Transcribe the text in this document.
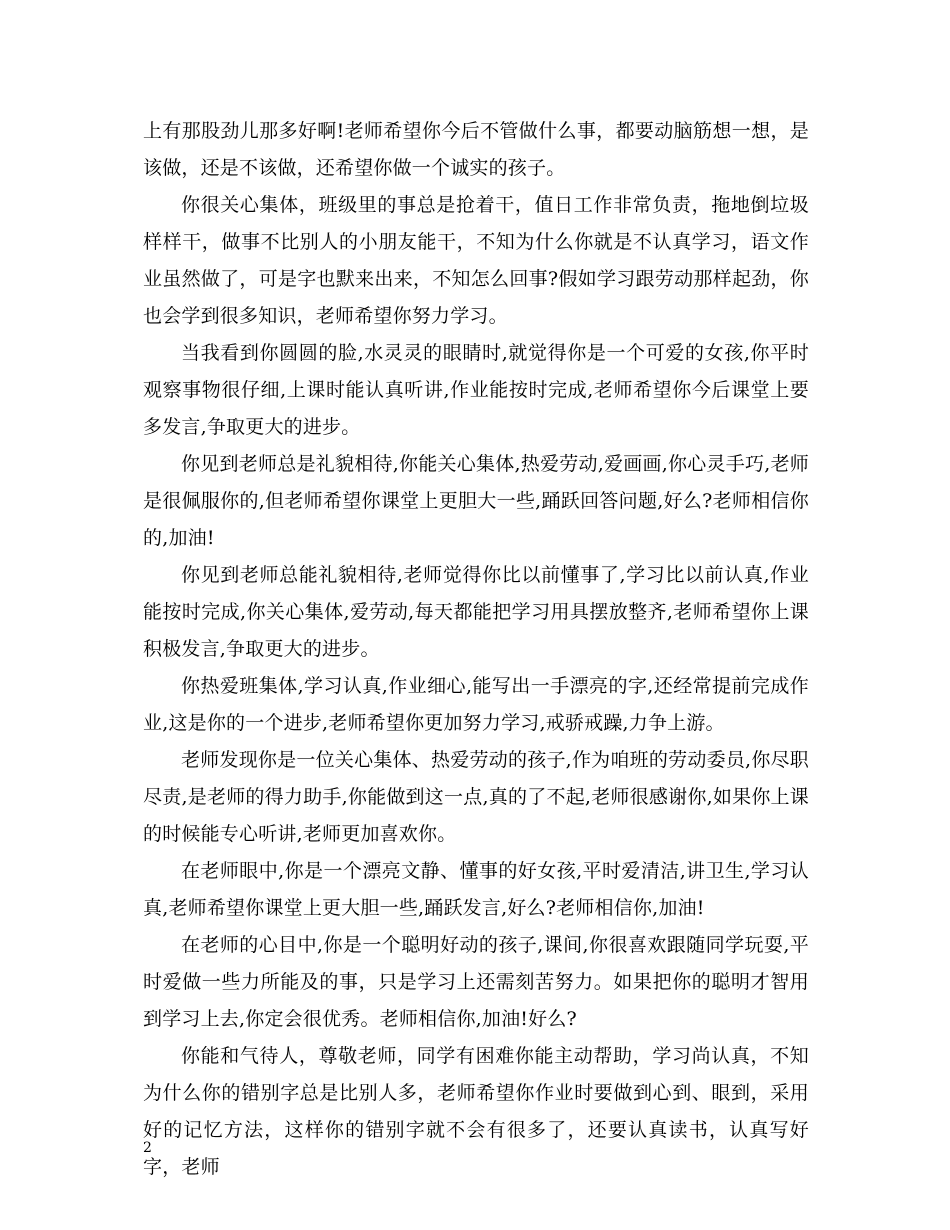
上有那股劲儿那多好啊!老师希望你今后不管做什么事，都要动脑筋想一想，是该做，还是不该做，还希望你做一个诚实的孩子。

你很关心集体，班级里的事总是抢着干，值日工作非常负责，拖地倒垃圾样样干，做事不比别人的小朋友能干，不知为什么你就是不认真学习，语文作业虽然做了，可是字也默来出来，不知怎么回事?假如学习跟劳动那样起劲，你也会学到很多知识，老师希望你努力学习。

当我看到你圆圆的脸,水灵灵的眼睛时,就觉得你是一个可爱的女孩,你平时观察事物很仔细,上课时能认真听讲,作业能按时完成,老师希望你今后课堂上要多发言,争取更大的进步。

你见到老师总是礼貌相待,你能关心集体,热爱劳动,爱画画,你心灵手巧,老师是很佩服你的,但老师希望你课堂上更胆大一些,踊跃回答问题,好么?老师相信你的,加油!

你见到老师总能礼貌相待,老师觉得你比以前懂事了,学习比以前认真,作业能按时完成,你关心集体,爱劳动,每天都能把学习用具摆放整齐,老师希望你上课积极发言,争取更大的进步。

你热爱班集体,学习认真,作业细心,能写出一手漂亮的字,还经常提前完成作业,这是你的一个进步,老师希望你更加努力学习,戒骄戒躁,力争上游。

老师发现你是一位关心集体、热爱劳动的孩子,作为咱班的劳动委员,你尽职尽责,是老师的得力助手,你能做到这一点,真的了不起,老师很感谢你,如果你上课的时候能专心听讲,老师更加喜欢你。

在老师眼中,你是一个漂亮文静、懂事的好女孩,平时爱清洁,讲卫生,学习认真,老师希望你课堂上更大胆一些,踊跃发言,好么?老师相信你,加油!

在老师的心目中,你是一个聪明好动的孩子,课间,你很喜欢跟随同学玩耍,平时爱做一些力所能及的事，只是学习上还需刻苦努力。如果把你的聪明才智用到学习上去,你定会很优秀。老师相信你,加油!好么?

你能和气待人，尊敬老师，同学有困难你能主动帮助，学习尚认真，不知为什么你的错别字总是比别人多，老师希望你作业时要做到心到、眼到，采用好的记忆方法，这样你的错别字就不会有很多了，还要认真读书，认真写好字，老师

2
